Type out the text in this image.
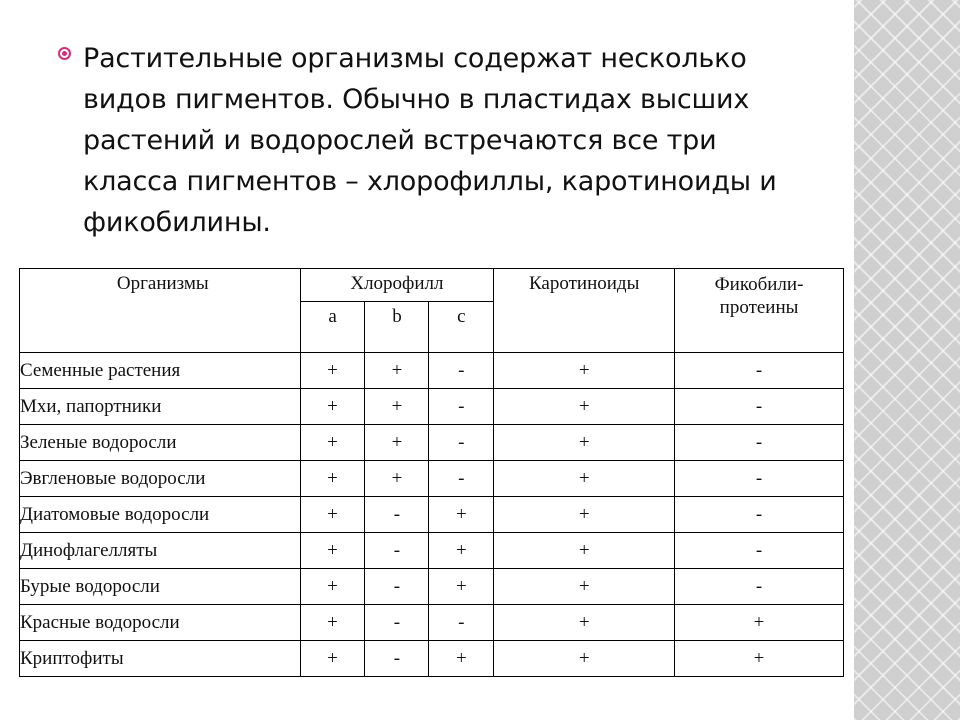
Растительные организмы содержат несколько видов пигментов. Обычно в пластидах высших растений и водорослей встречаются все три класса пигментов – хлорофиллы, каротиноиды и фикобилины.
Организмы	Хлорофилл			Каротиноиды	Фикобили-протеины
	a	b	c		
Семенные растения	+	+	-	+	-
Мхи, папортники	+	+	-	+	-
Зеленые водоросли	+	+	-	+	-
Эвгленовые водоросли	+	+	-	+	-
Диатомовые водоросли	+	-	+	+	-
Динофлагелляты	+	-	+	+	-
Бурые водоросли	+	-	+	+	-
Красные водоросли	+	-	-	+	+
Криптофиты	+	-	+	+	+
